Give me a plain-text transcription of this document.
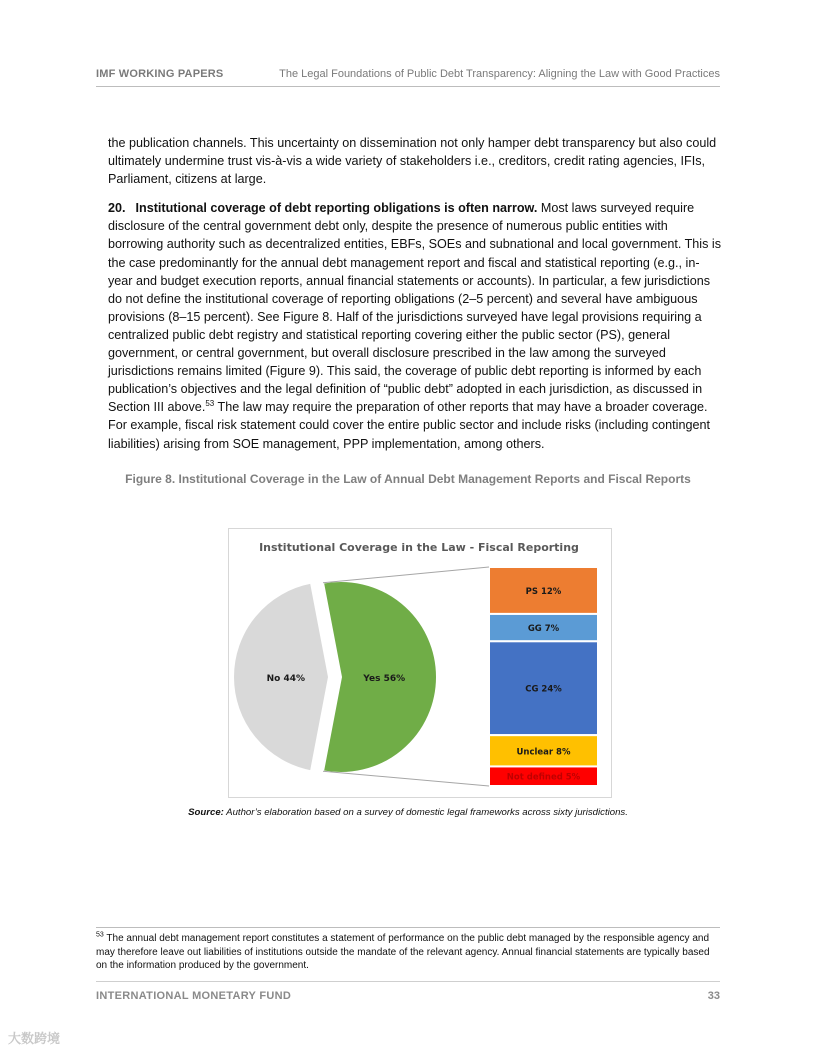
IMF WORKING PAPERS	The Legal Foundations of Public Debt Transparency: Aligning the Law with Good Practices

the publication channels. This uncertainty on dissemination not only hamper debt transparency but also could ultimately undermine trust vis-à-vis a wide variety of stakeholders i.e., creditors, credit rating agencies, IFIs, Parliament, citizens at large.

20. Institutional coverage of debt reporting obligations is often narrow. Most laws surveyed require disclosure of the central government debt only, despite the presence of numerous public entities with borrowing authority such as decentralized entities, EBFs, SOEs and subnational and local government. This is the case predominantly for the annual debt management report and fiscal and statistical reporting (e.g., in-year and budget execution reports, annual financial statements or accounts). In particular, a few jurisdictions do not define the institutional coverage of reporting obligations (2–5 percent) and several have ambiguous provisions (8–15 percent). See Figure 8. Half of the jurisdictions surveyed have legal provisions requiring a centralized public debt registry and statistical reporting covering either the public sector (PS), general government, or central government, but overall disclosure prescribed in the law among the surveyed jurisdictions remains limited (Figure 9). This said, the coverage of public debt reporting is informed by each publication’s objectives and the legal definition of “public debt” adopted in each jurisdiction, as discussed in Section III above.$^{53}$ The law may require the preparation of other reports that may have a broader coverage. For example, fiscal risk statement could cover the entire public sector and include risks (including contingent liabilities) arising from SOE management, PPP implementation, among others.

Figure 8. Institutional Coverage in the Law of Annual Debt Management Reports and Fiscal Reports
Institutional Coverage in the Law - Fiscal Reporting
No 44%	Yes 56%
PS 12%
GG 7%
CG 24%
Unclear 8%
Not defined 5%
Source: Author’s elaboration based on a survey of domestic legal frameworks across sixty jurisdictions.
$^{53}$ The annual debt management report constitutes a statement of performance on the public debt managed by the responsible agency and may therefore leave out liabilities of institutions outside the mandate of the relevant agency. Annual financial statements are typically based on the information produced by the government.
INTERNATIONAL MONETARY FUND	33
大数跨境
